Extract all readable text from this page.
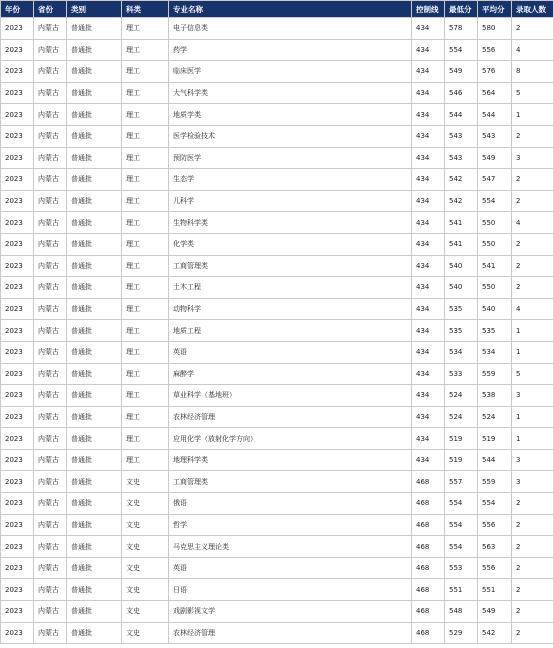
年份	省份	类别	科类	专业名称	控制线	最低分	平均分	录取人数
2023	内蒙古	普通批	理工	电子信息类	434	578	580	2
2023	内蒙古	普通批	理工	药学	434	554	556	4
2023	内蒙古	普通批	理工	临床医学	434	549	576	8
2023	内蒙古	普通批	理工	大气科学类	434	546	564	5
2023	内蒙古	普通批	理工	地质学类	434	544	544	1
2023	内蒙古	普通批	理工	医学检验技术	434	543	543	2
2023	内蒙古	普通批	理工	预防医学	434	543	549	3
2023	内蒙古	普通批	理工	生态学	434	542	547	2
2023	内蒙古	普通批	理工	儿科学	434	542	554	2
2023	内蒙古	普通批	理工	生物科学类	434	541	550	4
2023	内蒙古	普通批	理工	化学类	434	541	550	2
2023	内蒙古	普通批	理工	工商管理类	434	540	541	2
2023	内蒙古	普通批	理工	土木工程	434	540	550	2
2023	内蒙古	普通批	理工	动物科学	434	535	540	4
2023	内蒙古	普通批	理工	地质工程	434	535	535	1
2023	内蒙古	普通批	理工	英语	434	534	534	1
2023	内蒙古	普通批	理工	麻醉学	434	533	559	5
2023	内蒙古	普通批	理工	草业科学（基地班）	434	524	538	3
2023	内蒙古	普通批	理工	农林经济管理	434	524	524	1
2023	内蒙古	普通批	理工	应用化学（放射化学方向）	434	519	519	1
2023	内蒙古	普通批	理工	地理科学类	434	519	544	3
2023	内蒙古	普通批	文史	工商管理类	468	557	559	3
2023	内蒙古	普通批	文史	俄语	468	554	554	2
2023	内蒙古	普通批	文史	哲学	468	554	556	2
2023	内蒙古	普通批	文史	马克思主义理论类	468	554	563	2
2023	内蒙古	普通批	文史	英语	468	553	556	2
2023	内蒙古	普通批	文史	日语	468	551	551	2
2023	内蒙古	普通批	文史	戏剧影视文学	468	548	549	2
2023	内蒙古	普通批	文史	农林经济管理	468	529	542	2
